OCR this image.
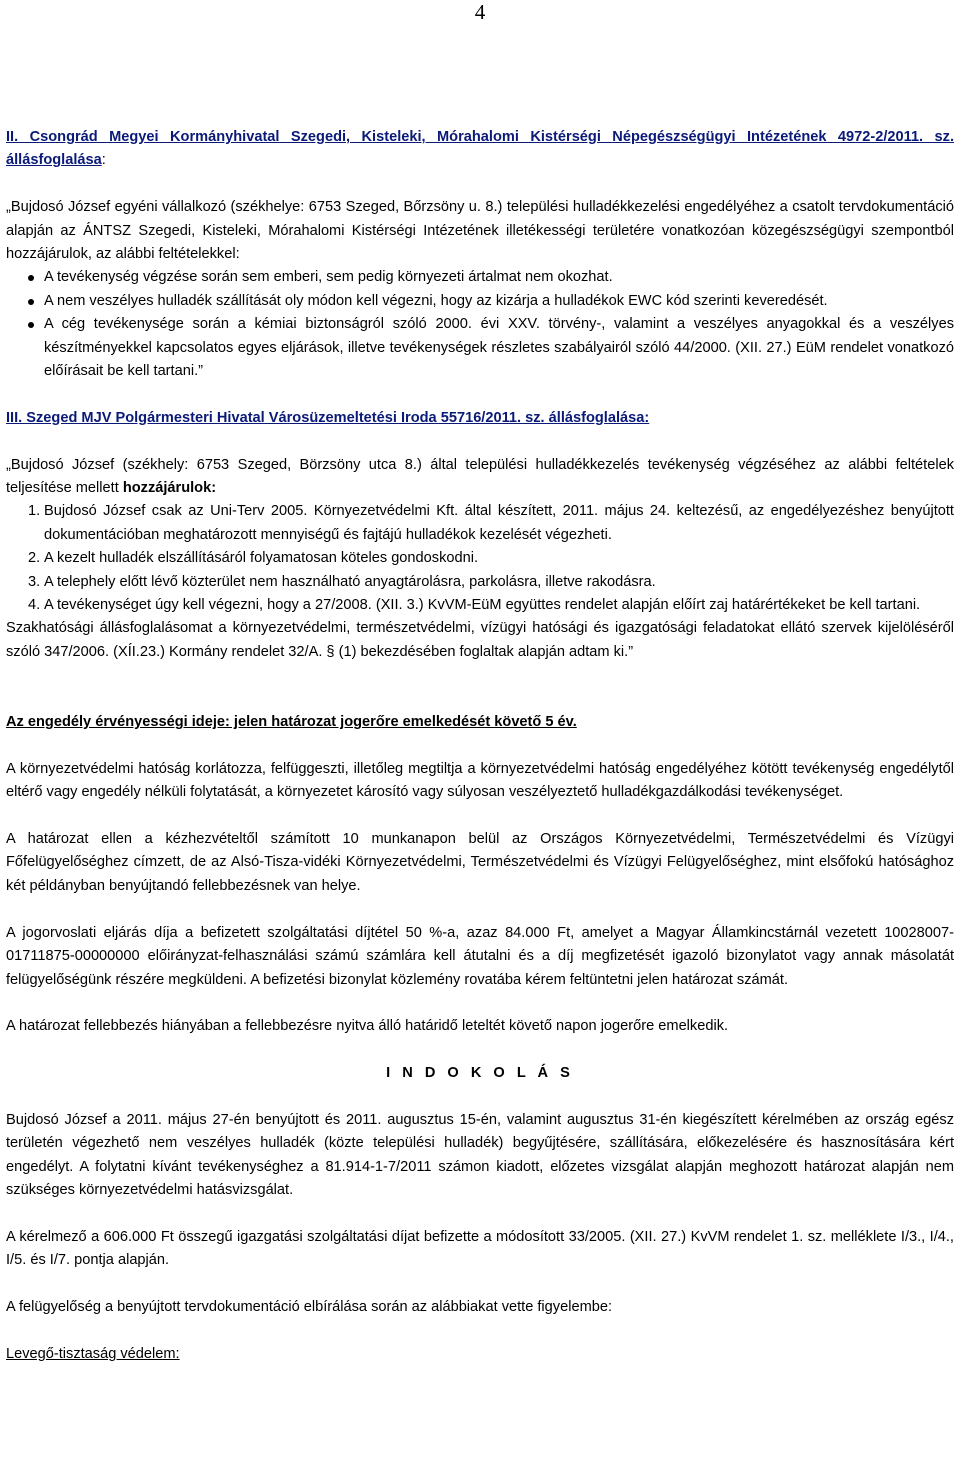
4

II. Csongrád Megyei Kormányhivatal Szegedi, Kisteleki, Mórahalomi Kistérségi Népegészségügyi Intézetének 4972-2/2011. sz. állásfoglalása:

„Bujdosó József egyéni vállalkozó (székhelye: 6753 Szeged, Bőrzsöny u. 8.) települési hulladékkezelési engedélyéhez a csatolt tervdokumentáció alapján az ÁNTSZ Szegedi, Kisteleki, Mórahalomi Kistérségi Intézetének illetékességi területére vonatkozóan közegészségügyi szempontból hozzájárulok, az alábbi feltételekkel:

A tevékenység végzése során sem emberi, sem pedig környezeti ártalmat nem okozhat.
A nem veszélyes hulladék szállítását oly módon kell végezni, hogy az kizárja a hulladékok EWC kód szerinti keveredését.
A cég tevékenysége során a kémiai biztonságról szóló 2000. évi XXV. törvény-, valamint a veszélyes anyagokkal és a veszélyes készítményekkel kapcsolatos egyes eljárások, illetve tevékenységek részletes szabályairól szóló 44/2000. (XII. 27.) EüM rendelet vonatkozó előírásait be kell tartani.”

III. Szeged MJV Polgármesteri Hivatal Városüzemeltetési Iroda 55716/2011. sz. állásfoglalása:

„Bujdosó József (székhely: 6753 Szeged, Börzsöny utca 8.) által települési hulladékkezelés tevékenység végzéséhez az alábbi feltételek teljesítése mellett hozzájárulok:

1. Bujdosó József csak az Uni-Terv 2005. Környezetvédelmi Kft. által készített, 2011. május 24. keltezésű, az engedélyezéshez benyújtott dokumentációban meghatározott mennyiségű és fajtájú hulladékok kezelését végezheti.
2. A kezelt hulladék elszállításáról folyamatosan köteles gondoskodni.
3. A telephely előtt lévő közterület nem használható anyagtárolásra, parkolásra, illetve rakodásra.
4. A tevékenységet úgy kell végezni, hogy a 27/2008. (XII. 3.) KvVM-EüM együttes rendelet alapján előírt zaj határértékeket be kell tartani.

Szakhatósági állásfoglalásomat a környezetvédelmi, természetvédelmi, vízügyi hatósági és igazgatósági feladatokat ellátó szervek kijelöléséről szóló 347/2006. (XÍI.23.) Kormány rendelet 32/A. § (1) bekezdésében foglaltak alapján adtam ki.”

Az engedély érvényességi ideje: jelen határozat jogerőre emelkedését követő 5 év.

A környezetvédelmi hatóság korlátozza, felfüggeszti, illetőleg megtiltja a környezetvédelmi hatóság engedélyéhez kötött tevékenység engedélytől eltérő vagy engedély nélküli folytatását, a környezetet károsító vagy súlyosan veszélyeztető hulladékgazdálkodási tevékenységet.

A határozat ellen a kézhezvételtől számított 10 munkanapon belül az Országos Környezetvédelmi, Természetvédelmi és Vízügyi Főfelügyelőséghez címzett, de az Alsó-Tisza-vidéki Környezetvédelmi, Természetvédelmi és Vízügyi Felügyelőséghez, mint elsőfokú hatósághoz két példányban benyújtandó fellebbezésnek van helye.

A jogorvoslati eljárás díja a befizetett szolgáltatási díjtétel 50 %-a, azaz 84.000 Ft, amelyet a Magyar Államkincstárnál vezetett 10028007-01711875-00000000 előirányzat-felhasználási számú számlára kell átutalni és a díj megfizetését igazoló bizonylatot vagy annak másolatát felügyelőségünk részére megküldeni. A befizetési bizonylat közlemény rovatába kérem feltüntetni jelen határozat számát.

A határozat fellebbezés hiányában a fellebbezésre nyitva álló határidő leteltét követő napon jogerőre emelkedik.

I N D O K O L Á S

Bujdosó József a 2011. május 27-én benyújtott és 2011. augusztus 15-én, valamint augusztus 31-én kiegészített kérelmében az ország egész területén végezhető nem veszélyes hulladék (közte települési hulladék) begyűjtésére, szállítására, előkezelésére és hasznosítására kért engedélyt. A folytatni kívánt tevékenységhez a 81.914-1-7/2011 számon kiadott, előzetes vizsgálat alapján meghozott határozat alapján nem szükséges környezetvédelmi hatásvizsgálat.

A kérelmező a 606.000 Ft összegű igazgatási szolgáltatási díjat befizette a módosított 33/2005. (XII. 27.) KvVM rendelet 1. sz. melléklete I/3., I/4., I/5. és I/7. pontja alapján.

A felügyelőség a benyújtott tervdokumentáció elbírálása során az alábbiakat vette figyelembe:

Levegő-tisztaság védelem:
